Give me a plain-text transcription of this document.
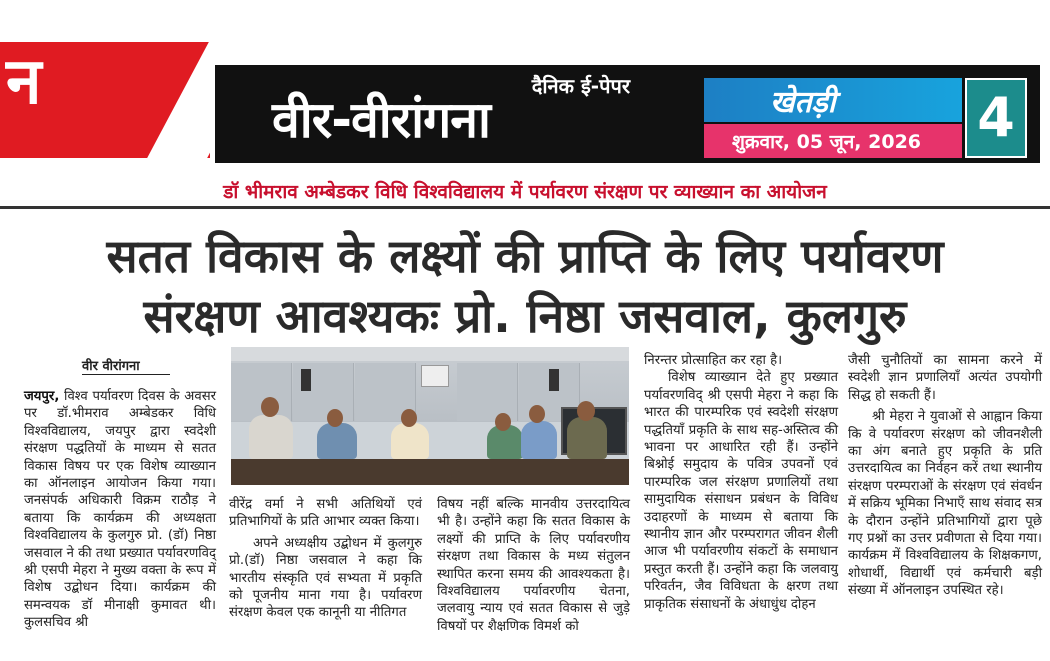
न	दैनिक ई-पेपर
वीर-वीरांगना	खेतड़ी
शुक्रवार, 05 जून, 2026 4
डॉ भीमराव अम्बेडकर विधि विश्वविद्यालय में पर्यावरण संरक्षण पर व्याख्यान का आयोजन
सतत विकास के लक्ष्यों की प्राप्ति के लिए पर्यावरण
संरक्षण आवश्यकः प्रो. निष्ठा जसवाल, कुलगुरु
वीर वीरांगना

जयपुर, विश्व पर्यावरण दिवस के अवसर पर डॉ.भीमराव अम्बेडकर विधि विश्वविद्यालय, जयपुर द्वारा स्वदेशी संरक्षण पद्धतियों के माध्यम से सतत विकास विषय पर एक विशेष व्याख्यान का ऑनलाइन आयोजन किया गया। जनसंपर्क अधिकारी विक्रम राठौड़ ने बताया कि कार्यक्रम की अध्यक्षता विश्वविद्यालय के कुलगुरु प्रो. (डॉ) निष्ठा जसवाल ने की तथा प्रख्यात पर्यावरणविद् श्री एसपी मेहरा ने मुख्य वक्ता के रूप में विशेष उद्बोधन दिया। कार्यक्रम की समन्वयक डॉ मीनाक्षी कुमावत थी। कुलसचिव श्री

वीरेंद्र वर्मा ने सभी अतिथियों एवं प्रतिभागियों के प्रति आभार व्यक्त किया।

अपने अध्यक्षीय उद्बोधन में कुलगुरु प्रो.(डॉ) निष्ठा जसवाल ने कहा कि भारतीय संस्कृति एवं सभ्यता में प्रकृति को पूजनीय माना गया है। पर्यावरण संरक्षण केवल एक कानूनी या नीतिगत

विषय नहीं बल्कि मानवीय उत्तरदायित्व भी है। उन्होंने कहा कि सतत विकास के लक्ष्यों की प्राप्ति के लिए पर्यावरणीय संरक्षण तथा विकास के मध्य संतुलन स्थापित करना समय की आवश्यकता है। विश्वविद्यालय पर्यावरणीय चेतना, जलवायु न्याय एवं सतत विकास से जुड़े विषयों पर शैक्षणिक विमर्श को

निरन्तर प्रोत्साहित कर रहा है।

विशेष व्याख्यान देते हुए प्रख्यात पर्यावरणविद् श्री एसपी मेहरा ने कहा कि भारत की पारम्परिक एवं स्वदेशी संरक्षण पद्धतियाँ प्रकृति के साथ सह-अस्तित्व की भावना पर आधारित रही हैं। उन्होंने बिश्नोई समुदाय के पवित्र उपवनों एवं पारम्परिक जल संरक्षण प्रणालियों तथा सामुदायिक संसाधन प्रबंधन के विविध उदाहरणों के माध्यम से बताया कि स्थानीय ज्ञान और परम्परागत जीवन शैली आज भी पर्यावरणीय संकटों के समाधान प्रस्तुत करती हैं। उन्होंने कहा कि जलवायु परिवर्तन, जैव विविधता के क्षरण तथा प्राकृतिक संसाधनों के अंधाधुंध दोहन

जैसी चुनौतियों का सामना करने में स्वदेशी ज्ञान प्रणालियाँ अत्यंत उपयोगी सिद्ध हो सकती हैं।

श्री मेहरा ने युवाओं से आह्वान किया कि वे पर्यावरण संरक्षण को जीवनशैली का अंग बनाते हुए प्रकृति के प्रति उत्तरदायित्व का निर्वहन करें तथा स्थानीय संरक्षण परम्पराओं के संरक्षण एवं संवर्धन में सक्रिय भूमिका निभाएँ साथ संवाद सत्र के दौरान उन्होंने प्रतिभागियों द्वारा पूछे गए प्रश्नों का उत्तर प्रवीणता से दिया गया। कार्यक्रम में विश्वविद्यालय के शिक्षकगण, शोधार्थी, विद्यार्थी एवं कर्मचारी बड़ी संख्या में ऑनलाइन उपस्थित रहे।
